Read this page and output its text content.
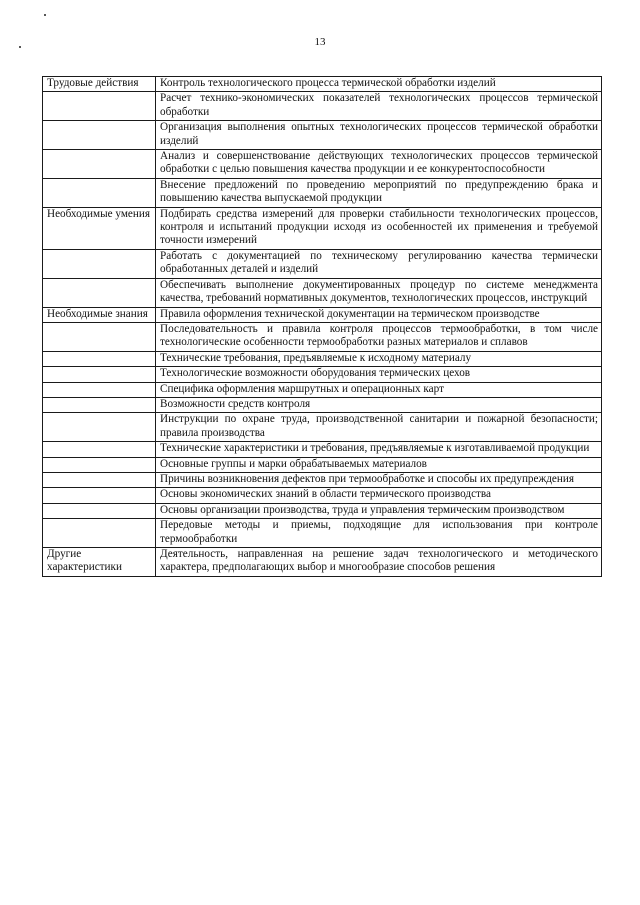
13
Трудовые действия	Контроль технологического процесса термической обработки изделий
	Расчет технико-экономических показателей технологических процессов термической обработки
	Организация выполнения опытных технологических процессов термической обработки изделий
	Анализ и совершенствование действующих технологических процессов термической обработки с целью повышения качества продукции и ее конкурентоспособности
	Внесение предложений по проведению мероприятий по предупреждению брака и повышению качества выпускаемой продукции

Необходимые умения	Подбирать средства измерений для проверки стабильности технологических процессов, контроля и испытаний продукции исходя из особенностей их применения и требуемой точности измерений
	Работать с документацией по техническому регулированию качества термически обработанных деталей и изделий
	Обеспечивать выполнение документированных процедур по системе менеджмента качества, требований нормативных документов, технологических процессов, инструкций

Необходимые знания	Правила оформления технической документации на термическом производстве
	Последовательность и правила контроля процессов термообработки, в том числе технологические особенности термообработки разных материалов и сплавов
	Технические требования, предъявляемые к исходному материалу
	Технологические возможности оборудования термических цехов
	Специфика оформления маршрутных и операционных карт
	Возможности средств контроля
	Инструкции по охране труда, производственной санитарии и пожарной безопасности; правила производства
	Технические характеристики и требования, предъявляемые к изготавливаемой продукции
	Основные группы и марки обрабатываемых материалов
	Причины возникновения дефектов при термообработке и способы их предупреждения
	Основы экономических знаний в области термического производства
	Основы организации производства, труда и управления термическим производством
	Передовые методы и приемы, подходящие для использования при контроле термообработки

Другие характеристики	Деятельность, направленная на решение задач технологического и методического характера, предполагающих выбор и многообразие способов решения
